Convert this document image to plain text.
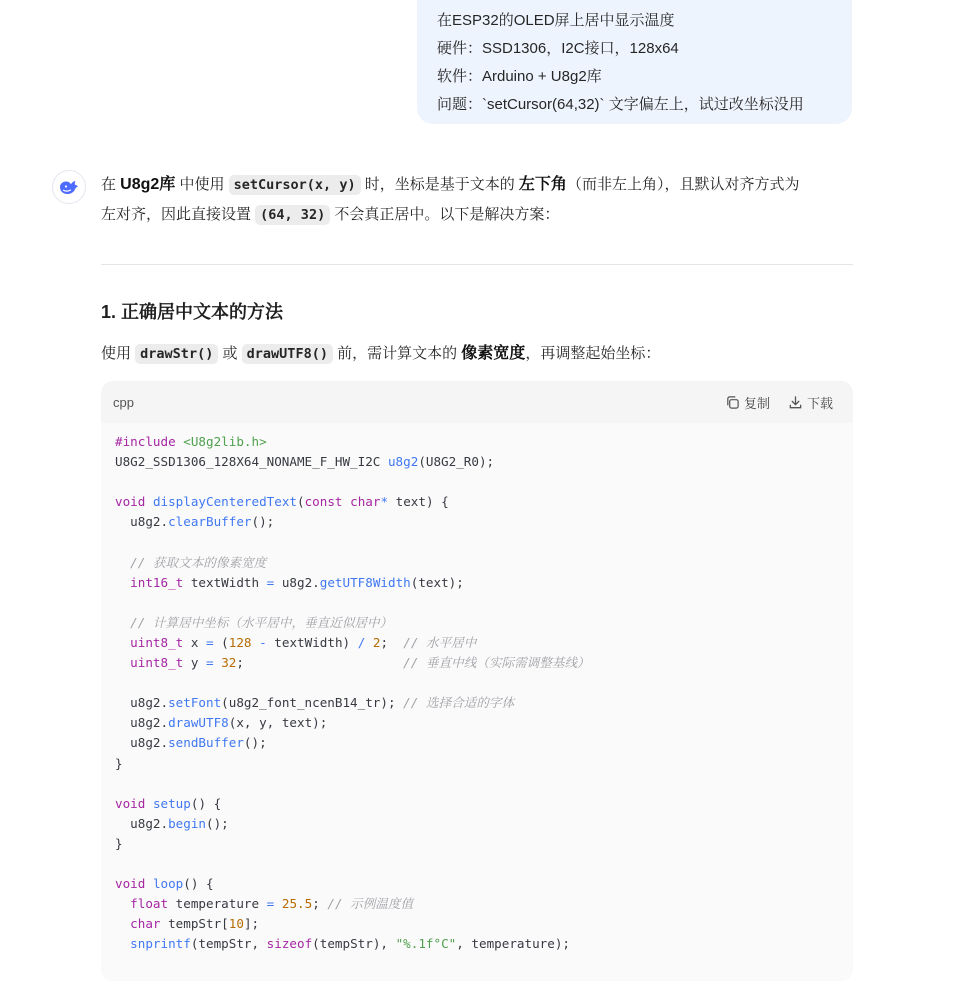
在ESP32的OLED屏上居中显示温度
硬件：SSD1306，I2C接口，128x64
软件：Arduino + U8g2库
问题：`setCursor(64,32)` 文字偏左上，试过改坐标没用

在 U8g2库 中使用 setCursor(x, y) 时，坐标是基于文本的 左下角（而非左上角），且默认对齐方式为
左对齐，因此直接设置 (64, 32) 不会真正居中。以下是解决方案：

1. 正确居中文本的方法

使用 drawStr() 或 drawUTF8() 前，需计算文本的 像素宽度，再调整起始坐标：

cpp	复制	下载
#include <U8g2lib.h>
U8G2_SSD1306_128X64_NONAME_F_HW_I2C u8g2(U8G2_R0);

void displayCenteredText(const char* text) {
u8g2.clearBuffer();

// 获取文本的像素宽度
int16_t textWidth = u8g2.getUTF8Width(text);

// 计算居中坐标（水平居中，垂直近似居中）
uint8_t x = (128 - textWidth) / 2;  // 水平居中
uint8_t y = 32;                     // 垂直中线（实际需调整基线）

u8g2.setFont(u8g2_font_ncenB14_tr); // 选择合适的字体
u8g2.drawUTF8(x, y, text);
u8g2.sendBuffer();
}

void setup() {
u8g2.begin();
}

void loop() {
float temperature = 25.5; // 示例温度值
char tempStr[10];
snprintf(tempStr, sizeof(tempStr), "%.1f°C", temperature);
